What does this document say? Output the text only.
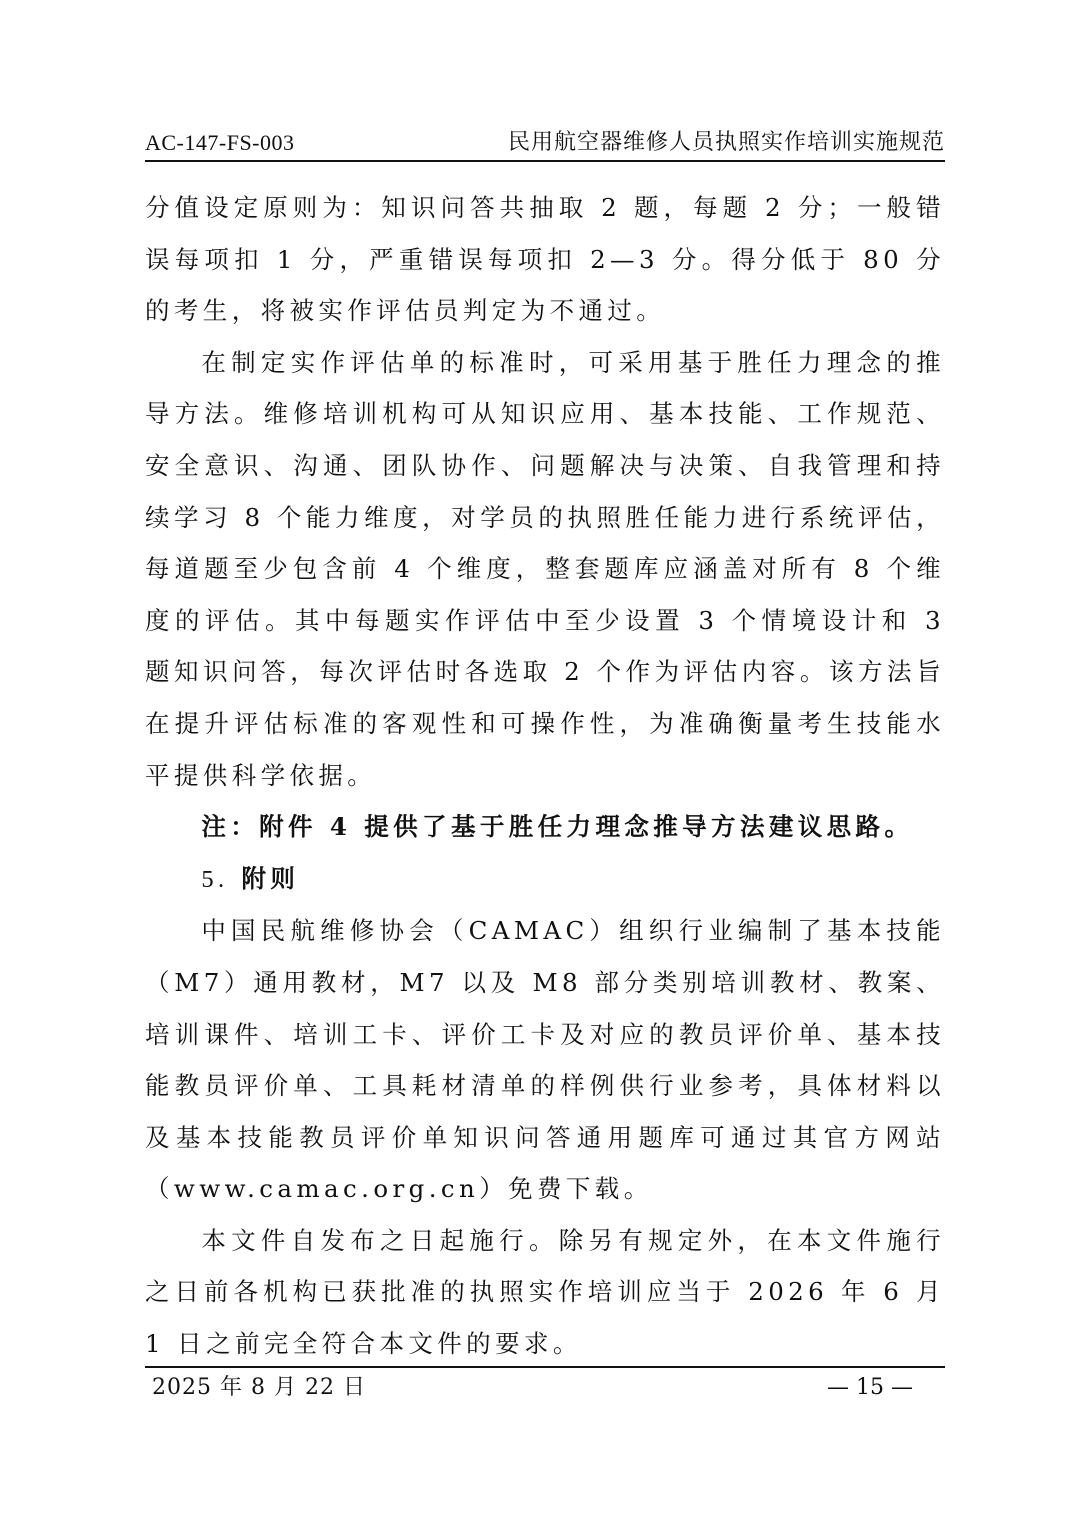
AC-147-FS-003	民用航空器维修人员执照实作培训实施规范

分值设定原则为：知识问答共抽取 2 题，每题 2 分；一般错误每项扣 1 分，严重错误每项扣 2—3 分。得分低于 80 分的考生，将被实作评估员判定为不通过。

在制定实作评估单的标准时，可采用基于胜任力理念的推导方法。维修培训机构可从知识应用、基本技能、工作规范、安全意识、沟通、团队协作、问题解决与决策、自我管理和持续学习 8 个能力维度，对学员的执照胜任能力进行系统评估，每道题至少包含前 4 个维度，整套题库应涵盖对所有 8 个维度的评估。其中每题实作评估中至少设置 3 个情境设计和 3 题知识问答，每次评估时各选取 2 个作为评估内容。该方法旨在提升评估标准的客观性和可操作性，为准确衡量考生技能水平提供科学依据。

注：附件 4 提供了基于胜任力理念推导方法建议思路。

5. 附则

中国民航维修协会（CAMAC）组织行业编制了基本技能（M7）通用教材，M7 以及 M8 部分类别培训教材、教案、培训课件、培训工卡、评价工卡及对应的教员评价单、基本技能教员评价单、工具耗材清单的样例供行业参考，具体材料以及基本技能教员评价单知识问答通用题库可通过其官方网站（www.camac.org.cn）免费下载。

本文件自发布之日起施行。除另有规定外，在本文件施行之日前各机构已获批准的执照实作培训应当于 2026 年 6 月 1 日之前完全符合本文件的要求。

2025 年 8 月 22 日	— 15 —
